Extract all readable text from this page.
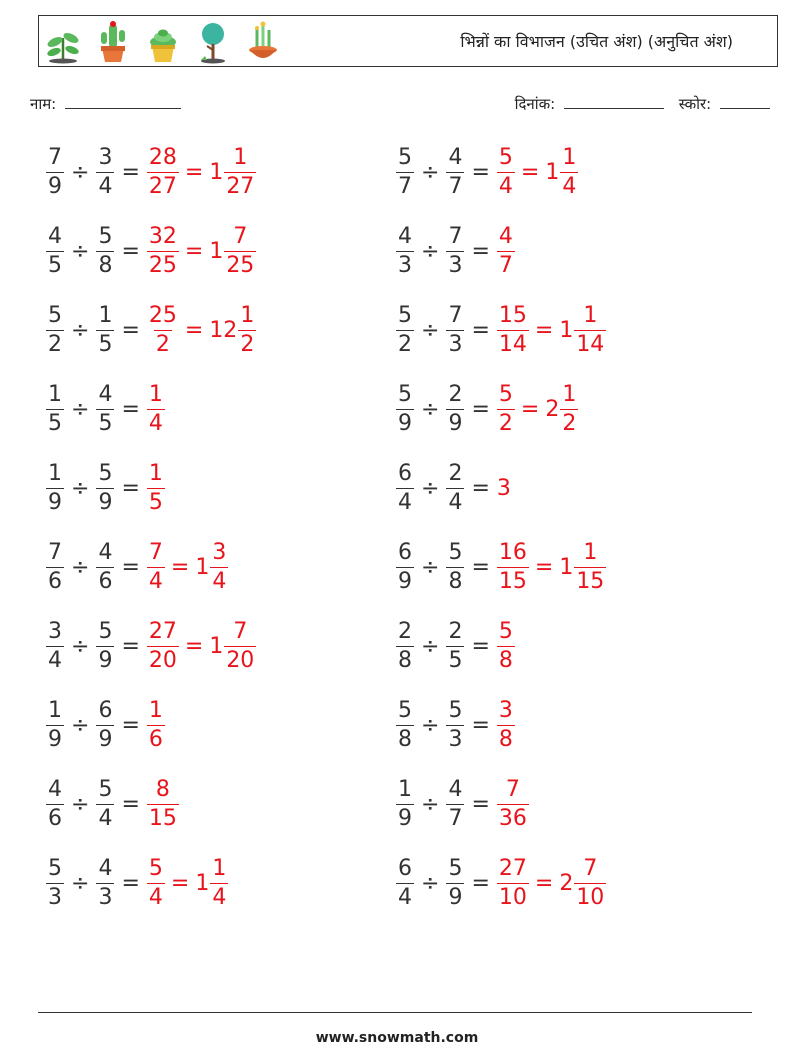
भिन्नों का विभाजन (उचित अंश) (अनुचित अंश)
नाम:	दिनांक:	स्कोर:
$\frac{7}{9} \div \frac{3}{4} = \frac{28}{27} = 1 \frac{1}{27}$	$\frac{5}{7} \div \frac{4}{7} = \frac{5}{4} = 1 \frac{1}{4}$
$\frac{4}{5} \div \frac{5}{8} = \frac{32}{25} = 1 \frac{7}{25}$	$\frac{4}{3} \div \frac{7}{3} = \frac{4}{7}$
$\frac{5}{2} \div \frac{1}{5} = \frac{25}{2} = 12 \frac{1}{2}$	$\frac{5}{2} \div \frac{7}{3} = \frac{15}{14} = 1 \frac{1}{14}$
$\frac{1}{5} \div \frac{4}{5} = \frac{1}{4}$	$\frac{5}{9} \div \frac{2}{9} = \frac{5}{2} = 2 \frac{1}{2}$
$\frac{1}{9} \div \frac{5}{9} = \frac{1}{5}$	$\frac{6}{4} \div \frac{2}{4} = 3$
$\frac{7}{6} \div \frac{4}{6} = \frac{7}{4} = 1 \frac{3}{4}$	$\frac{6}{9} \div \frac{5}{8} = \frac{16}{15} = 1 \frac{1}{15}$
$\frac{3}{4} \div \frac{5}{9} = \frac{27}{20} = 1 \frac{7}{20}$	$\frac{2}{8} \div \frac{2}{5} = \frac{5}{8}$
$\frac{1}{9} \div \frac{6}{9} = \frac{1}{6}$	$\frac{5}{8} \div \frac{5}{3} = \frac{3}{8}$
$\frac{4}{6} \div \frac{5}{4} = \frac{8}{15}$	$\frac{1}{9} \div \frac{4}{7} = \frac{7}{36}$
$\frac{5}{3} \div \frac{4}{3} = \frac{5}{4} = 1 \frac{1}{4}$	$\frac{6}{4} \div \frac{5}{9} = \frac{27}{10} = 2 \frac{7}{10}$
www.snowmath.com
